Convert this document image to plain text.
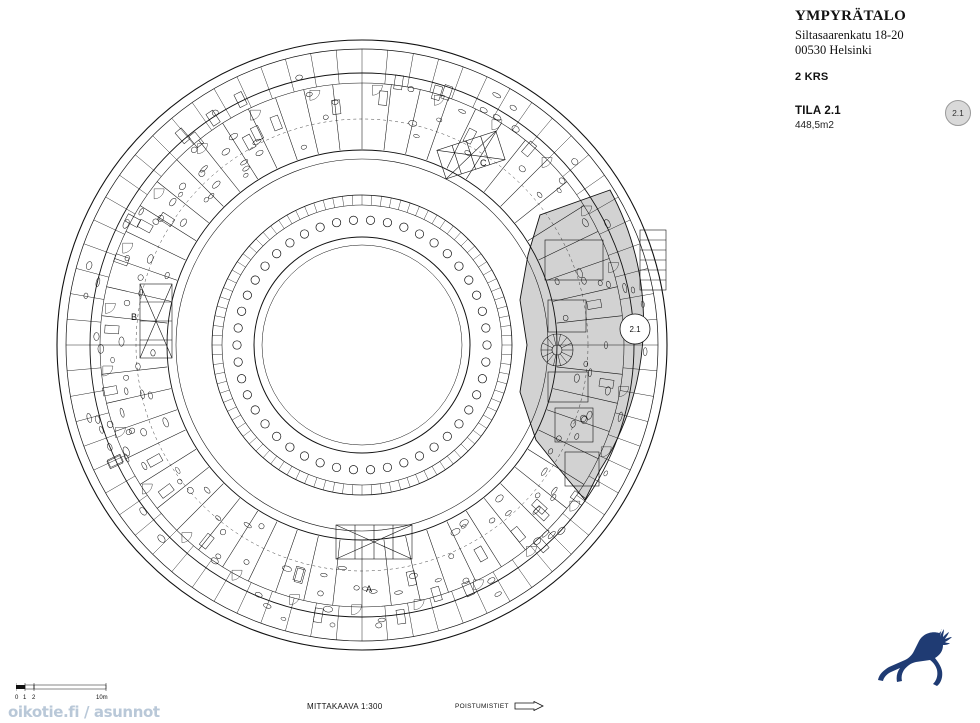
YMPYRÄTALO
Siltasaarenkatu 18-20
00530 Helsinki
2 KRS
TILA 2.1
448,5m2
2.1
A
B
C
2.1
0 1 2	10m
MITTAKAAVA 1:300	POISTUMISTIET
oikotie.fi / asunnot
